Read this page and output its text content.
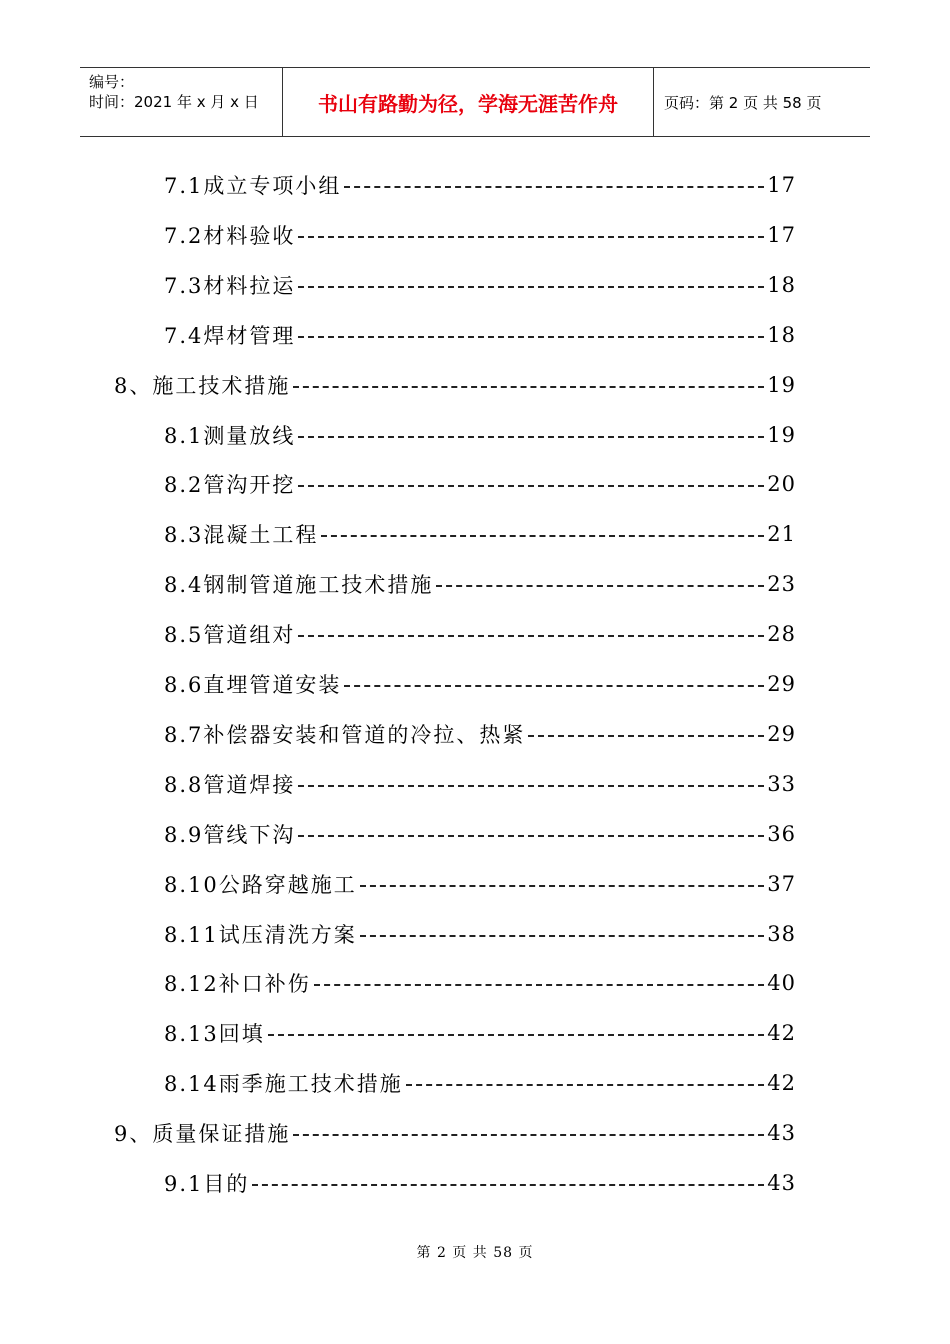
编号：
时间：2021 年 x 月 x 日	书山有路勤为径，学海无涯苦作舟	页码：第 2 页 共 58 页
7.1成立专项小组	17
7.2材料验收	17
7.3材料拉运	18
7.4焊材管理	18
8、施工技术措施	19
8.1测量放线	19
8.2管沟开挖	20
8.3混凝土工程	21
8.4钢制管道施工技术措施	23
8.5管道组对	28
8.6直埋管道安装	29
8.7补偿器安装和管道的冷拉、热紧	29
8.8管道焊接	33
8.9管线下沟	36
8.10公路穿越施工	37
8.11试压清洗方案	38
8.12补口补伤	40
8.13回填	42
8.14雨季施工技术措施	42
9、质量保证措施	43
9.1目的	43
第 2 页 共 58 页
